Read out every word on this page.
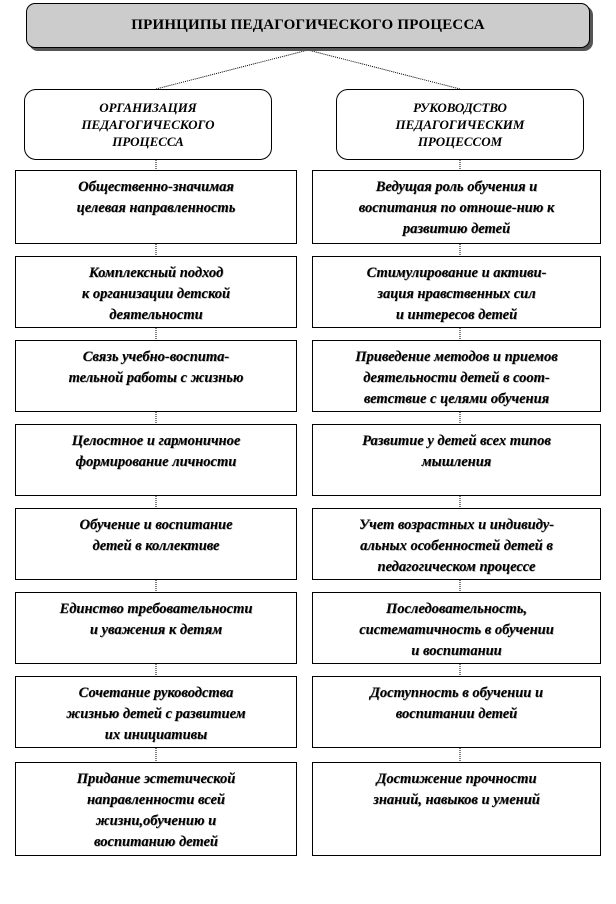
ПРИНЦИПЫ ПЕДАГОГИЧЕСКОГО ПРОЦЕССА
ОРГАНИЗАЦИЯ
ПЕДАГОГИЧЕСКОГО
ПРОЦЕССА
РУКОВОДСТВО
ПЕДАГОГИЧЕСКИМ
ПРОЦЕССОМ
Общественно-значимая
целевая направленность
Комплексный подход
к организации детской
деятельности
Связь учебно-воспита-
тельной работы с жизнью
Целостное и гармоничное
формирование личности
Обучение и воспитание
детей в коллективе
Единство требовательности
и уважения к детям
Сочетание руководства
жизнью детей с развитием
их инициативы
Придание эстетической
направленности всей
жизни,обучению и
воспитанию детей
Ведущая роль обучения и
воспитания по отноше-нию к
развитию детей
Стимулирование и активи-
зация нравственных сил
и интересов детей
Приведение методов и приемов
деятельности детей в соот-
ветствие с целями обучения
Развитие у детей всех типов
мышления
Учет возрастных и индивиду-
альных особенностей детей в
педагогическом процессе
Последовательность,
систематичность в обучении
и воспитании
Доступность в обучении и
воспитании детей
Достижение прочности
знаний, навыков и умений
